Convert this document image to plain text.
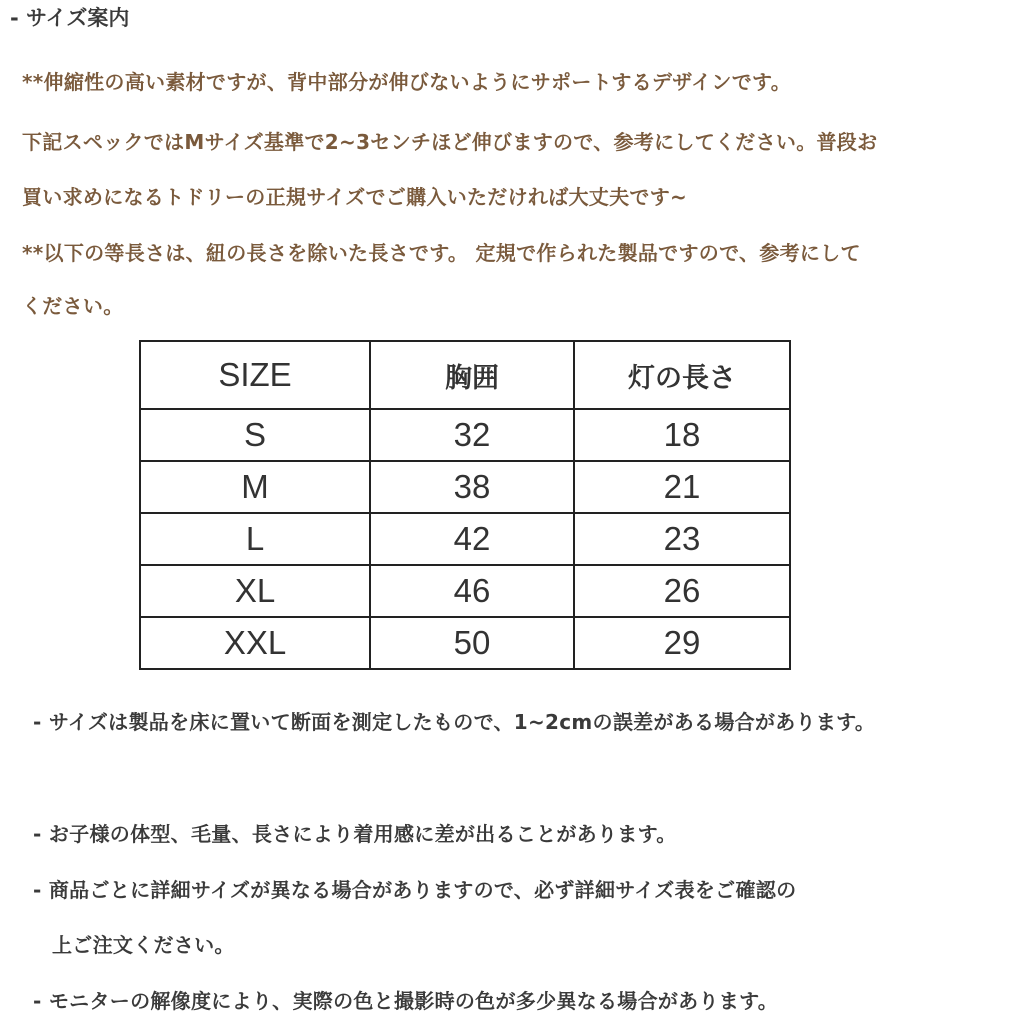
- サイズ案内
**伸縮性の高い素材ですが、背中部分が伸びないようにサポートするデザインです。
下記スペックではMサイズ基準で2~3センチほど伸びますので、参考にしてください。普段お
買い求めになるトドリーの正規サイズでご購入いただければ大丈夫です~
**以下の等長さは、紐の長さを除いた長さです。 定規で作られた製品ですので、参考にして
ください。
SIZE	胸囲	灯の長さ
S	32	18
M	38	21
L	42	23
XL	46	26
XXL	50	29
- サイズは製品を床に置いて断面を測定したもので、1~2cmの誤差がある場合があります。
- お子様の体型、毛量、長さにより着用感に差が出ることがあります。
- 商品ごとに詳細サイズが異なる場合がありますので、必ず詳細サイズ表をご確認の
上ご注文ください。
- モニターの解像度により、実際の色と撮影時の色が多少異なる場合があります。
